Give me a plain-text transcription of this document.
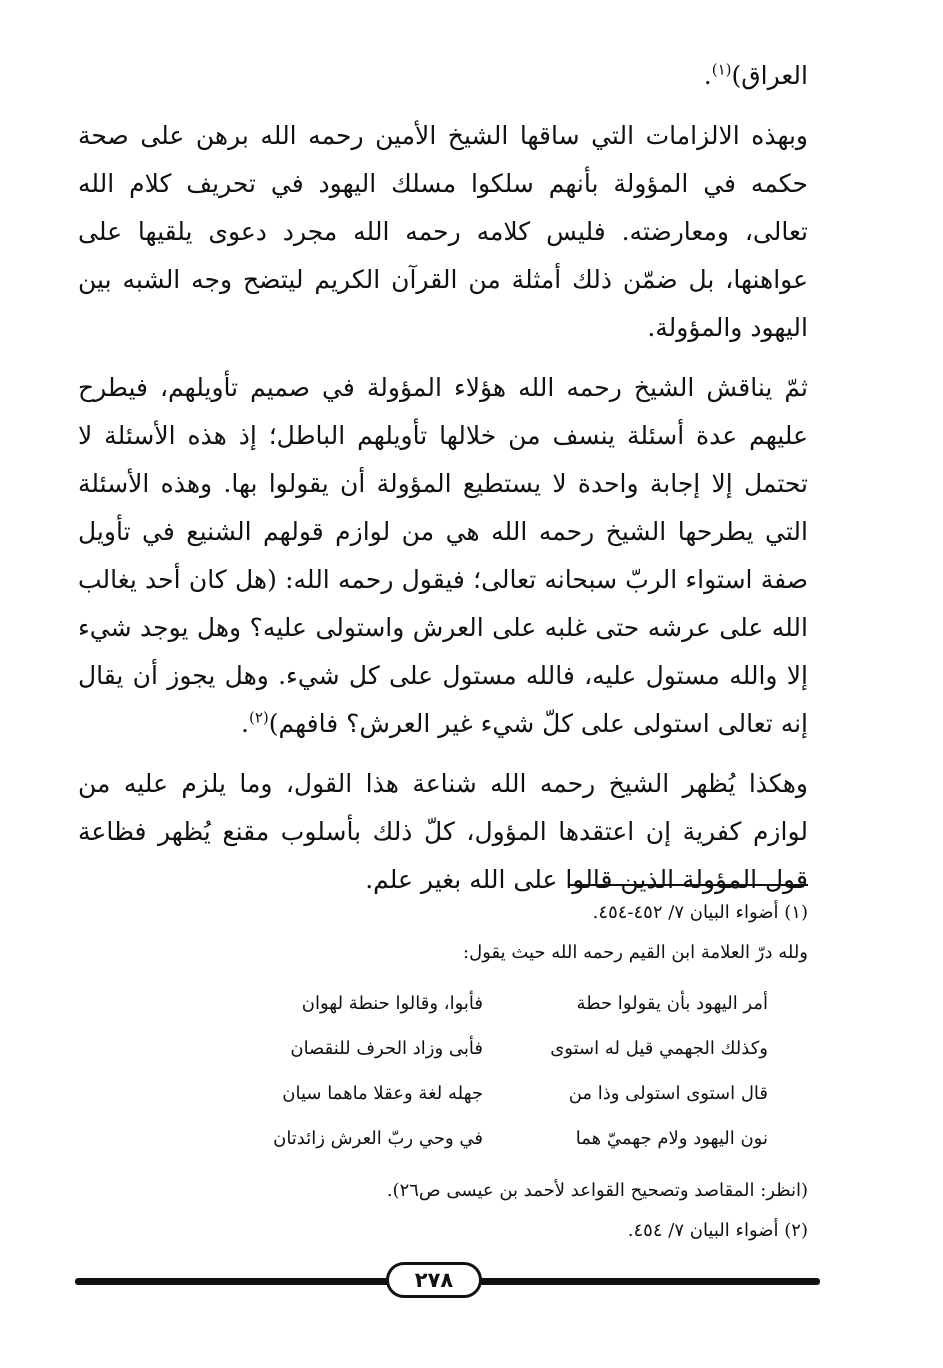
العراق)$^{(١)}$.

وبهذه الالزامات التي ساقها الشيخ الأمين رحمه الله برهن على صحة حكمه في المؤولة بأنهم سلكوا مسلك اليهود في تحريف كلام الله تعالى، ومعارضته. فليس كلامه رحمه الله مجرد دعوى يلقيها على عواهنها، بل ضمّن ذلك أمثلة من القرآن الكريم ليتضح وجه الشبه بين اليهود والمؤولة.

ثمّ يناقش الشيخ رحمه الله هؤلاء المؤولة في صميم تأويلهم، فيطرح عليهم عدة أسئلة ينسف من خلالها تأويلهم الباطل؛ إذ هذه الأسئلة لا تحتمل إلا إجابة واحدة لا يستطيع المؤولة أن يقولوا بها. وهذه الأسئلة التي يطرحها الشيخ رحمه الله هي من لوازم قولهم الشنيع في تأويل صفة استواء الربّ سبحانه تعالى؛ فيقول رحمه الله: (هل كان أحد يغالب الله على عرشه حتى غلبه على العرش واستولى عليه؟ وهل يوجد شيء إلا والله مستول عليه، فالله مستول على كل شيء. وهل يجوز أن يقال إنه تعالى استولى على كلّ شيء غير العرش؟ فافهم)$^{(٢)}$.

وهكذا يُظهر الشيخ رحمه الله شناعة هذا القول، وما يلزم عليه من لوازم كفرية إن اعتقدها المؤول، كلّ ذلك بأسلوب مقنع يُظهر فظاعة قول المؤولة الذين قالوا على الله بغير علم.

(١) أضواء البيان ٧/ ٤٥٢-٤٥٤.
ولله درّ العلامة ابن القيم رحمه الله حيث يقول:
أمر اليهود بأن يقولوا حطة
فأبوا، وقالوا حنطة لهوان
وكذلك الجهمي قيل له استوى
فأبى وزاد الحرف للنقصان
قال استوى استولى وذا من
جهله لغة وعقلا ماهما سيان
نون اليهود ولام جهميّ هما
في وحي ربّ العرش زائدتان
(انظر: المقاصد وتصحيح القواعد لأحمد بن عيسى ص٢٦).
(٢) أضواء البيان ٧/ ٤٥٤.
٢٧٨
